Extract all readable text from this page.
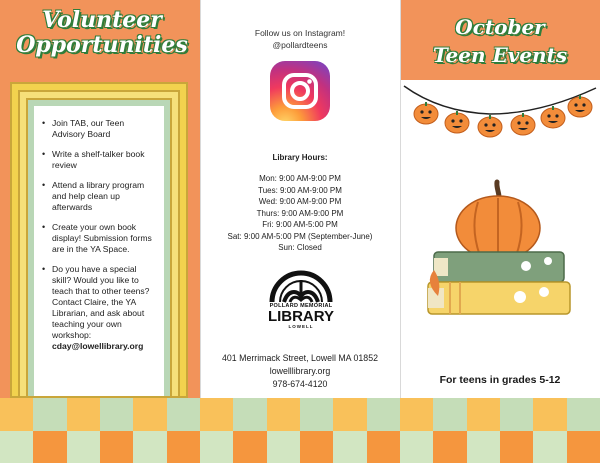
Volunteer
Opportunities
• Join TAB, our Teen Advisory Board
• Write a shelf-talker book review
• Attend a library program and help clean up afterwards
• Create your own book display! Submission forms are in the YA Space.
• Do you have a special skill? Would you like to teach that to other teens? Contact Claire, the YA Librarian, and ask about teaching your own workshop:
cday@lowellibrary.org
Follow us on Instagram!
@pollardteens
Library Hours:
Mon: 9:00 AM-9:00 PM
Tues: 9:00 AM-9:00 PM
Wed: 9:00 AM-9:00 PM
Thurs: 9:00 AM-9:00 PM
Fri: 9:00 AM-5:00 PM
Sat: 9:00 AM-5:00 PM (September-June)
Sun: Closed
POLLARD MEMORIAL
LIBRARY
LOWELL
401 Merrimack Street, Lowell MA 01852
lowelllibrary.org
978-674-4120
October
Teen Events
For teens in grades 5-12
